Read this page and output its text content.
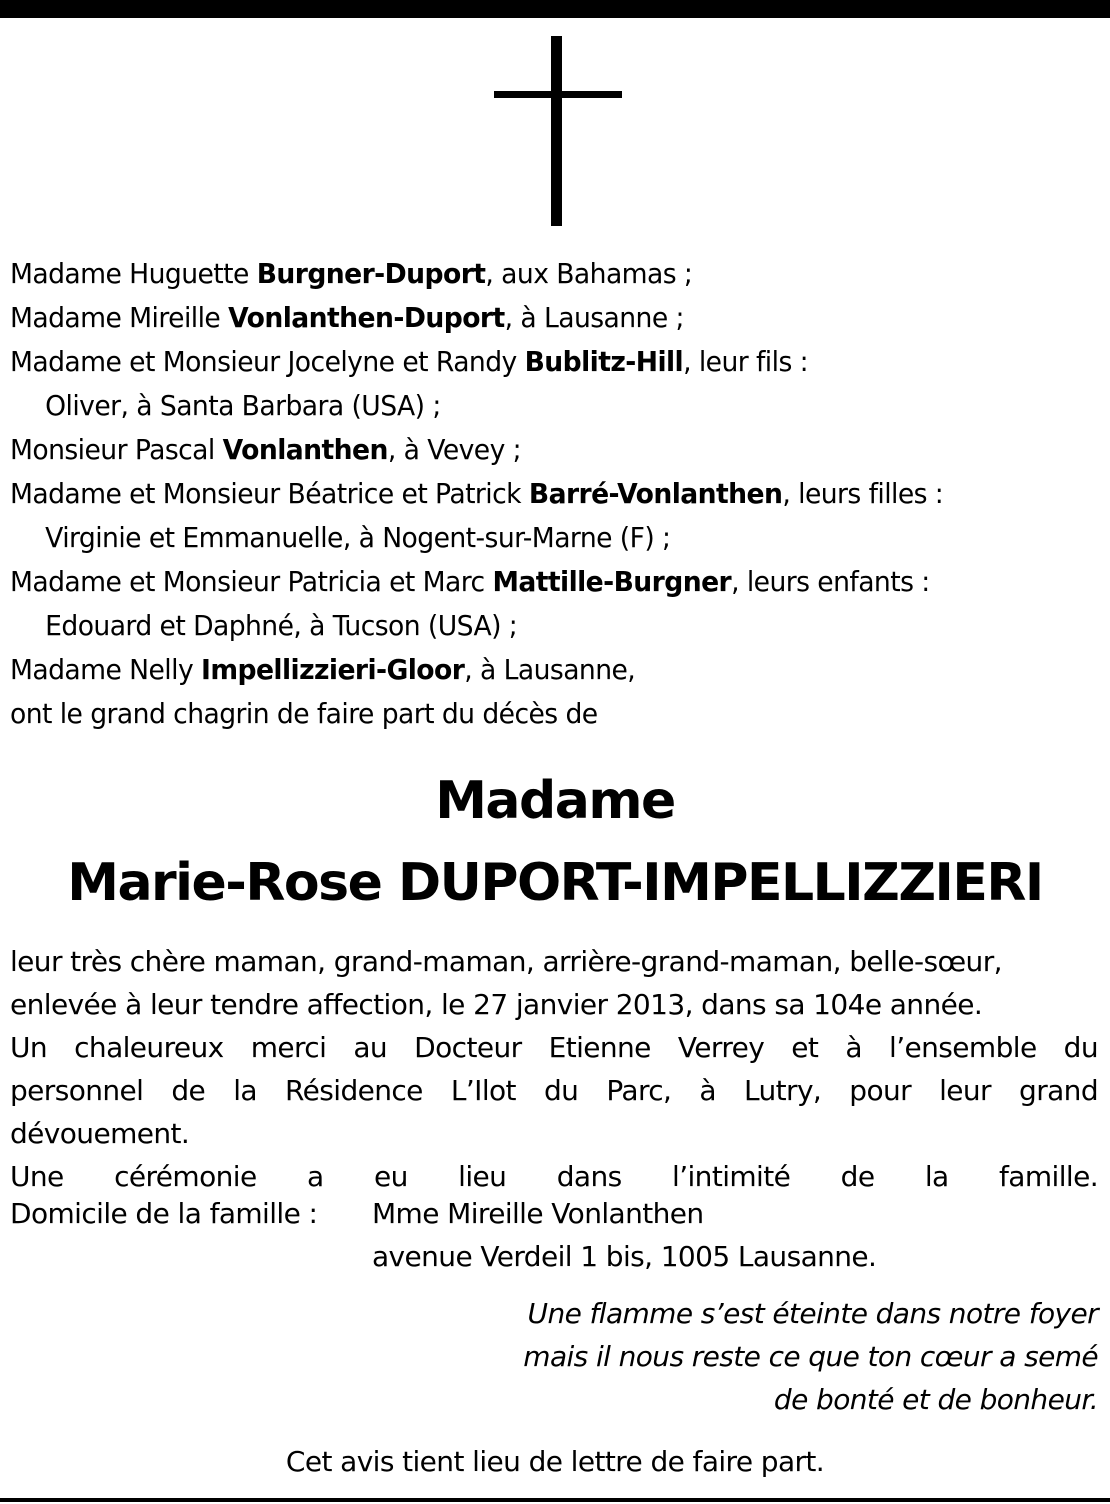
Madame Huguette Burgner-Duport, aux Bahamas ;
Madame Mireille Vonlanthen-Duport, à Lausanne ;
Madame et Monsieur Jocelyne et Randy Bublitz-Hill, leur fils :
Oliver, à Santa Barbara (USA) ;
Monsieur Pascal Vonlanthen, à Vevey ;
Madame et Monsieur Béatrice et Patrick Barré-Vonlanthen, leurs filles :
Virginie et Emmanuelle, à Nogent-sur-Marne (F) ;
Madame et Monsieur Patricia et Marc Mattille-Burgner, leurs enfants :
Edouard et Daphné, à Tucson (USA) ;
Madame Nelly Impellizzieri-Gloor, à Lausanne,
ont le grand chagrin de faire part du décès de
Madame
Marie-Rose DUPORT-IMPELLIZZIERI
leur très chère maman, grand-maman, arrière-grand-maman, belle-sœur,
enlevée à leur tendre affection, le 27 janvier 2013, dans sa 104e année.
Un chaleureux merci au Docteur Etienne Verrey et à l’ensemble du
personnel de la Résidence L’Ilot du Parc, à Lutry, pour leur grand
dévouement.
Une cérémonie a eu lieu dans l’intimité de la famille.
Domicile de la famille : Mme Mireille Vonlanthen
avenue Verdeil 1 bis, 1005 Lausanne.
Une flamme s’est éteinte dans notre foyer
mais il nous reste ce que ton cœur a semé
de bonté et de bonheur.
Cet avis tient lieu de lettre de faire part.
